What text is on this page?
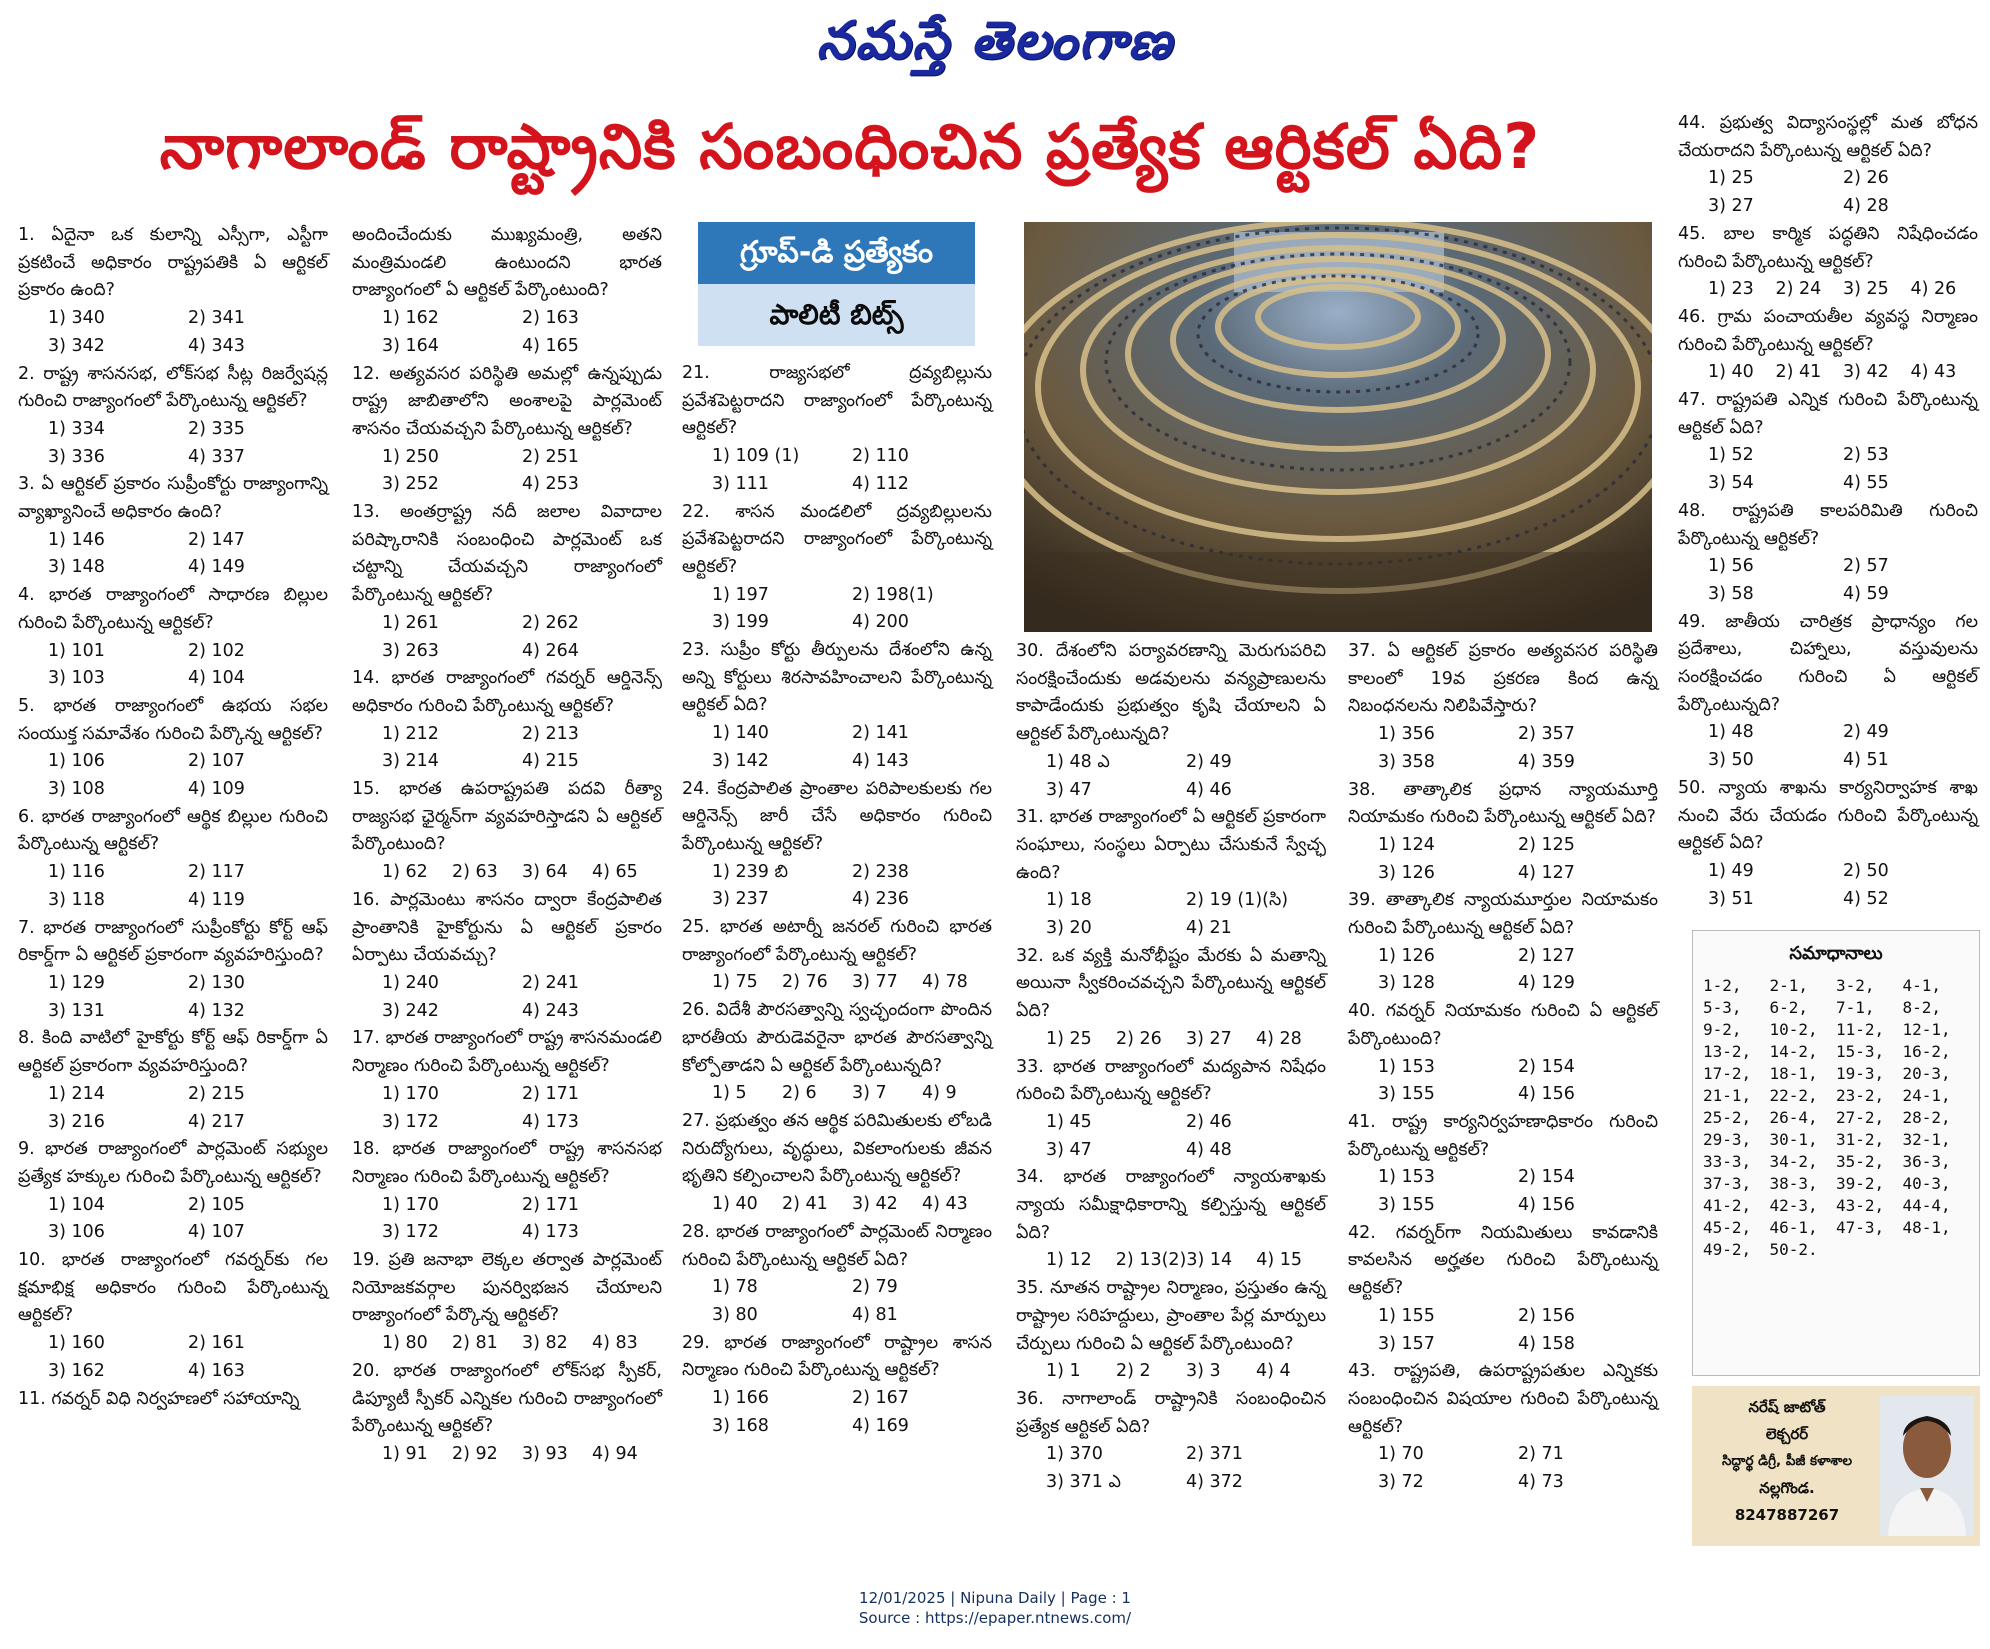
నమస్తే తెలంగాణ
నాగాలాండ్ రాష్ట్రానికి సంబంధించిన ప్రత్యేక ఆర్టికల్ ఏది?
1. ఏదైనా ఒక కులాన్ని ఎస్సీగా, ఎస్టీగా ప్రకటించే అధికారం రాష్ట్రపతికి ఏ ఆర్టికల్ ప్రకారం ఉంది?
1) 340	2) 341
3) 342	4) 343
2. రాష్ట్ర శాసనసభ, లోక్‌సభ సీట్ల రిజర్వేషన్ల గురించి రాజ్యాంగంలో పేర్కొంటున్న ఆర్టికల్?
1) 334	2) 335
3) 336	4) 337
3. ఏ ఆర్టికల్ ప్రకారం సుప్రీంకోర్టు రాజ్యాంగాన్ని వ్యాఖ్యానించే అధికారం ఉంది?
1) 146	2) 147
3) 148	4) 149
4. భారత రాజ్యాంగంలో సాధారణ బిల్లుల గురించి పేర్కొంటున్న ఆర్టికల్?
1) 101	2) 102
3) 103	4) 104
5. భారత రాజ్యాంగంలో ఉభయ సభల సంయుక్త సమావేశం గురించి పేర్కొన్న ఆర్టికల్?
1) 106	2) 107
3) 108	4) 109
6. భారత రాజ్యాంగంలో ఆర్థిక బిల్లుల గురించి పేర్కొంటున్న ఆర్టికల్?
1) 116	2) 117
3) 118	4) 119
7. భారత రాజ్యాంగంలో సుప్రీంకోర్టు కోర్ట్ ఆఫ్ రికార్డ్‌గా ఏ ఆర్టికల్ ప్రకారంగా వ్యవహరిస్తుంది?
1) 129	2) 130
3) 131	4) 132
8. కింది వాటిలో హైకోర్టు కోర్ట్ ఆఫ్ రికార్డ్‌గా ఏ ఆర్టికల్ ప్రకారంగా వ్యవహరిస్తుంది?
1) 214	2) 215
3) 216	4) 217
9. భారత రాజ్యాంగంలో పార్లమెంట్ సభ్యుల ప్రత్యేక హక్కుల గురించి పేర్కొంటున్న ఆర్టికల్?
1) 104	2) 105
3) 106	4) 107
10. భారత రాజ్యాంగంలో గవర్నర్‌కు గల క్షమాభిక్ష అధికారం గురించి పేర్కొంటున్న ఆర్టికల్?
1) 160	2) 161
3) 162	4) 163
11. గవర్నర్ విధి నిర్వహణలో సహాయాన్ని
అందించేందుకు ముఖ్యమంత్రి, అతని మంత్రిమండలి ఉంటుందని భారత రాజ్యాంగంలో ఏ ఆర్టికల్ పేర్కొంటుంది?
1) 162	2) 163
3) 164	4) 165
12. అత్యవసర పరిస్థితి అమల్లో ఉన్నప్పుడు రాష్ట్ర జాబితాలోని అంశాలపై పార్లమెంట్ శాసనం చేయవచ్చని పేర్కొంటున్న ఆర్టికల్?
1) 250	2) 251
3) 252	4) 253
13. అంతర్రాష్ట్ర నదీ జలాల వివాదాల పరిష్కారానికి సంబంధించి పార్లమెంట్ ఒక చట్టాన్ని చేయవచ్చని రాజ్యాంగంలో పేర్కొంటున్న ఆర్టికల్?
1) 261	2) 262
3) 263	4) 264
14. భారత రాజ్యాంగంలో గవర్నర్ ఆర్డినెన్స్ అధికారం గురించి పేర్కొంటున్న ఆర్టికల్?
1) 212	2) 213
3) 214	4) 215
15. భారత ఉపరాష్ట్రపతి పదవి రీత్యా రాజ్యసభ ఛైర్మన్‌గా వ్యవహరిస్తాడని ఏ ఆర్టికల్ పేర్కొంటుంది?
1) 62	2) 63	3) 64	4) 65
16. పార్లమెంటు శాసనం ద్వారా కేంద్రపాలిత ప్రాంతానికి హైకోర్టును ఏ ఆర్టికల్ ప్రకారం ఏర్పాటు చేయవచ్చు?
1) 240	2) 241
3) 242	4) 243
17. భారత రాజ్యాంగంలో రాష్ట్ర శాసనమండలి నిర్మాణం గురించి పేర్కొంటున్న ఆర్టికల్?
1) 170	2) 171
3) 172	4) 173
18. భారత రాజ్యాంగంలో రాష్ట్ర శాసనసభ నిర్మాణం గురించి పేర్కొంటున్న ఆర్టికల్?
1) 170	2) 171
3) 172	4) 173
19. ప్రతి జనాభా లెక్కల తర్వాత పార్లమెంట్ నియోజకవర్గాల పునర్విభజన చేయాలని రాజ్యాంగంలో పేర్కొన్న ఆర్టికల్?
1) 80	2) 81	3) 82	4) 83
20. భారత రాజ్యాంగంలో లోక్‌సభ స్పీకర్, డిప్యూటీ స్పీకర్ ఎన్నికల గురించి రాజ్యాంగంలో పేర్కొంటున్న ఆర్టికల్?
1) 91	2) 92	3) 93	4) 94
21. రాజ్యసభలో ద్రవ్యబిల్లును ప్రవేశపెట్టరాదని రాజ్యాంగంలో పేర్కొంటున్న ఆర్టికల్?
1) 109 (1)	2) 110
3) 111	4) 112
22. శాసన మండలిలో ద్రవ్యబిల్లులను ప్రవేశపెట్టరాదని రాజ్యాంగంలో పేర్కొంటున్న ఆర్టికల్?
1) 197	2) 198(1)
3) 199	4) 200
23. సుప్రీం కోర్టు తీర్పులను దేశంలోని ఉన్న అన్ని కోర్టులు శిరసావహించాలని పేర్కొంటున్న ఆర్టికల్ ఏది?
1) 140	2) 141
3) 142	4) 143
24. కేంద్రపాలిత ప్రాంతాల పరిపాలకులకు గల ఆర్డినెన్స్ జారీ చేసే అధికారం గురించి పేర్కొంటున్న ఆర్టికల్?
1) 239 బి	2) 238
3) 237	4) 236
25. భారత అటార్నీ జనరల్ గురించి భారత రాజ్యాంగంలో పేర్కొంటున్న ఆర్టికల్?
1) 75	2) 76	3) 77	4) 78
26. విదేశీ పౌరసత్వాన్ని స్వచ్ఛందంగా పొందిన భారతీయ పౌరుడెవరైనా భారత పౌరసత్వాన్ని కోల్పోతాడని ఏ ఆర్టికల్ పేర్కొంటున్నది?
1) 5	2) 6	3) 7	4) 9
27. ప్రభుత్వం తన ఆర్థిక పరిమితులకు లోబడి నిరుద్యోగులు, వృద్ధులు, వికలాంగులకు జీవన భృతిని కల్పించాలని పేర్కొంటున్న ఆర్టికల్?
1) 40	2) 41	3) 42	4) 43
28. భారత రాజ్యాంగంలో పార్లమెంట్ నిర్మాణం గురించి పేర్కొంటున్న ఆర్టికల్ ఏది?
1) 78	2) 79
3) 80	4) 81
29. భారత రాజ్యాంగంలో రాష్ట్రాల శాసన నిర్మాణం గురించి పేర్కొంటున్న ఆర్టికల్?
1) 166	2) 167
3) 168	4) 169
30. దేశంలోని పర్యావరణాన్ని మెరుగుపరిచి సంరక్షించేందుకు అడవులను వన్యప్రాణులను కాపాడేందుకు ప్రభుత్వం కృషి చేయాలని ఏ ఆర్టికల్ పేర్కొంటున్నది?
1) 48 ఎ	2) 49
3) 47	4) 46
31. భారత రాజ్యాంగంలో ఏ ఆర్టికల్ ప్రకారంగా సంఘాలు, సంస్థలు ఏర్పాటు చేసుకునే స్వేచ్ఛ ఉంది?
1) 18	2) 19 (1)(సి)
3) 20	4) 21
32. ఒక వ్యక్తి మనోభీష్టం మేరకు ఏ మతాన్ని అయినా స్వీకరించవచ్చని పేర్కొంటున్న ఆర్టికల్ ఏది?
1) 25	2) 26	3) 27	4) 28
33. భారత రాజ్యాంగంలో మద్యపాన నిషేధం గురించి పేర్కొంటున్న ఆర్టికల్?
1) 45	2) 46
3) 47	4) 48
34. భారత రాజ్యాంగంలో న్యాయశాఖకు న్యాయ సమీక్షాధికారాన్ని కల్పిస్తున్న ఆర్టికల్ ఏది?
1) 12	2) 13(2) 3) 14	4) 15
35. నూతన రాష్ట్రాల నిర్మాణం, ప్రస్తుతం ఉన్న రాష్ట్రాల సరిహద్దులు, ప్రాంతాల పేర్ల మార్పులు చేర్పులు గురించి ఏ ఆర్టికల్ పేర్కొంటుంది?
1) 1	2) 2	3) 3	4) 4
36. నాగాలాండ్ రాష్ట్రానికి సంబంధించిన ప్రత్యేక ఆర్టికల్ ఏది?
1) 370	2) 371
3) 371 ఎ	4) 372
37. ఏ ఆర్టికల్ ప్రకారం అత్యవసర పరిస్థితి కాలంలో 19వ ప్రకరణ కింద ఉన్న నిబంధనలను నిలిపివేస్తారు?
1) 356	2) 357
3) 358	4) 359
38. తాత్కాలిక ప్రధాన న్యాయమూర్తి నియామకం గురించి పేర్కొంటున్న ఆర్టికల్ ఏది?
1) 124	2) 125
3) 126	4) 127
39. తాత్కాలిక న్యాయమూర్తుల నియామకం గురించి పేర్కొంటున్న ఆర్టికల్ ఏది?
1) 126	2) 127
3) 128	4) 129
40. గవర్నర్ నియామకం గురించి ఏ ఆర్టికల్ పేర్కొంటుంది?
1) 153	2) 154
3) 155	4) 156
41. రాష్ట్ర కార్యనిర్వహణాధికారం గురించి పేర్కొంటున్న ఆర్టికల్?
1) 153	2) 154
3) 155	4) 156
42. గవర్నర్‌గా నియమితులు కావడానికి కావలసిన అర్హతల గురించి పేర్కొంటున్న ఆర్టికల్?
1) 155	2) 156
3) 157	4) 158
43. రాష్ట్రపతి, ఉపరాష్ట్రపతుల ఎన్నికకు సంబంధించిన విషయాల గురించి పేర్కొంటున్న ఆర్టికల్?
1) 70	2) 71
3) 72	4) 73
44. ప్రభుత్వ విద్యాసంస్థల్లో మత బోధన చేయరాదని పేర్కొంటున్న ఆర్టికల్ ఏది?
1) 25	2) 26
3) 27	4) 28
45. బాల కార్మిక పద్ధతిని నిషేధించడం గురించి పేర్కొంటున్న ఆర్టికల్?
1) 23	2) 24	3) 25	4) 26
46. గ్రామ పంచాయతీల వ్యవస్థ నిర్మాణం గురించి పేర్కొంటున్న ఆర్టికల్?
1) 40	2) 41	3) 42	4) 43
47. రాష్ట్రపతి ఎన్నిక గురించి పేర్కొంటున్న ఆర్టికల్ ఏది?
1) 52	2) 53
3) 54	4) 55
48. రాష్ట్రపతి కాలపరిమితి గురించి పేర్కొంటున్న ఆర్టికల్?
1) 56	2) 57
3) 58	4) 59
49. జాతీయ చారిత్రక ప్రాధాన్యం గల ప్రదేశాలు, చిహ్నాలు, వస్తువులను సంరక్షించడం గురించి ఏ ఆర్టికల్ పేర్కొంటున్నది?
1) 48	2) 49
3) 50	4) 51
50. న్యాయ శాఖను కార్యనిర్వాహక శాఖ నుంచి వేరు చేయడం గురించి పేర్కొంటున్న ఆర్టికల్ ఏది?
1) 49	2) 50
3) 51	4) 52
గ్రూప్-డి ప్రత్యేకం
పాలిటీ బిట్స్
సమాధానాలు
1-2,	2-1,	3-2,	4-1,
5-3,	6-2,	7-1,	8-2,
9-2,	10-2,	11-2,	12-1,
13-2,	14-2,	15-3,	16-2,
17-2,	18-1,	19-3,	20-3,
21-1,	22-2,	23-2,	24-1,
25-2,	26-4,	27-2,	28-2,
29-3,	30-1,	31-2,	32-1,
33-3,	34-2,	35-2,	36-3,
37-3,	38-3,	39-2,	40-3,
41-2,	42-3,	43-2,	44-4,
45-2,	46-1,	47-3,	48-1,
49-2,	50-2.
నరేష్ జాటోత్
లెక్చరర్
సిద్ధార్థ డిగ్రీ, పీజీ కళాశాల
నల్లగొండ.
8247887267
12/01/2025 | Nipuna Daily | Page : 1
Source : https://epaper.ntnews.com/
